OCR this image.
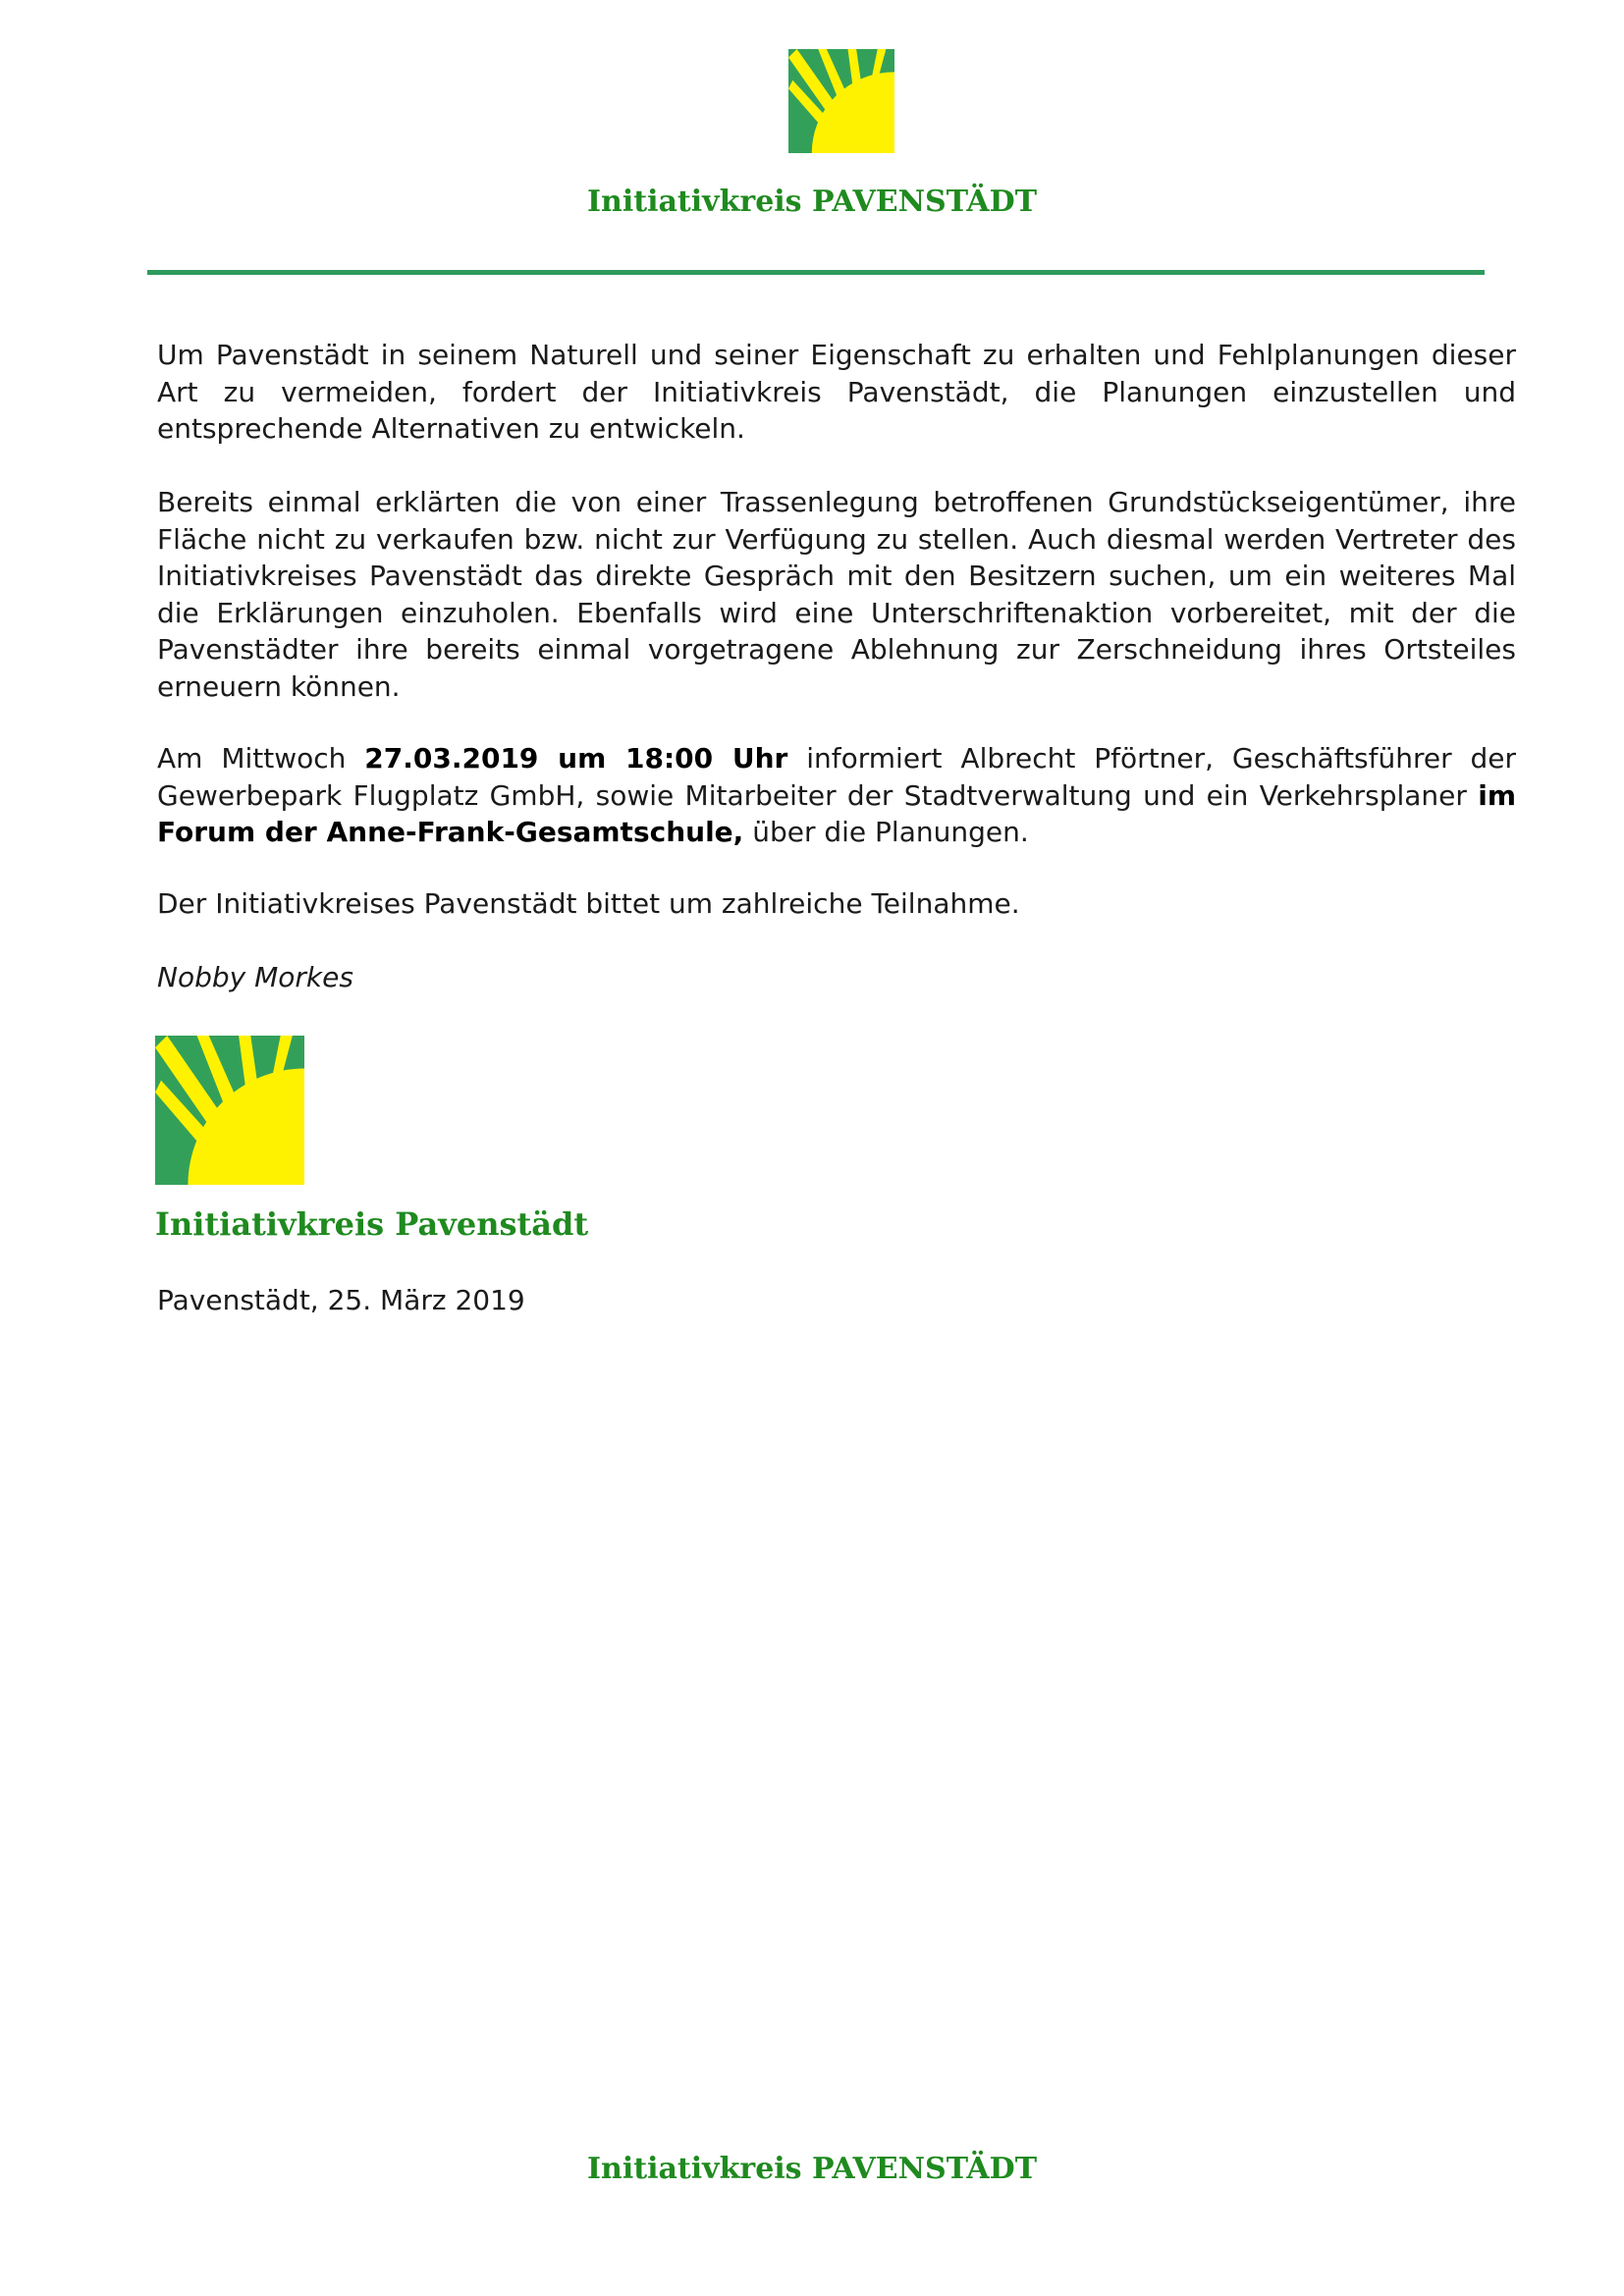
Initiativkreis PAVENSTÄDT
Um Pavenstädt in seinem Naturell und seiner Eigenschaft zu erhalten und Fehlplanungen dieser Art zu vermeiden, fordert der Initiativkreis Pavenstädt, die Planungen einzustellen und entsprechende Alternativen zu entwickeln.
Bereits einmal erklärten die von einer Trassenlegung betroffenen Grundstückseigentümer, ihre Fläche nicht zu verkaufen bzw. nicht zur Verfügung zu stellen. Auch diesmal werden Vertreter des Initiativkreises Pavenstädt das direkte Gespräch mit den Besitzern suchen, um ein weiteres Mal die Erklärungen einzuholen. Ebenfalls wird eine Unterschriftenaktion vorbereitet, mit der die Pavenstädter ihre bereits einmal vorgetragene Ablehnung zur Zerschneidung ihres Ortsteiles erneuern können.
Am Mittwoch 27.03.2019 um 18:00 Uhr informiert Albrecht Pförtner, Geschäftsführer der Gewerbepark Flugplatz GmbH, sowie Mitarbeiter der Stadtverwaltung und ein Verkehrsplaner im Forum der Anne-Frank-Gesamtschule, über die Planungen.
Der Initiativkreises Pavenstädt bittet um zahlreiche Teilnahme.
Nobby Morkes
Initiativkreis Pavenstädt
Pavenstädt, 25. März 2019
Initiativkreis PAVENSTÄDT
